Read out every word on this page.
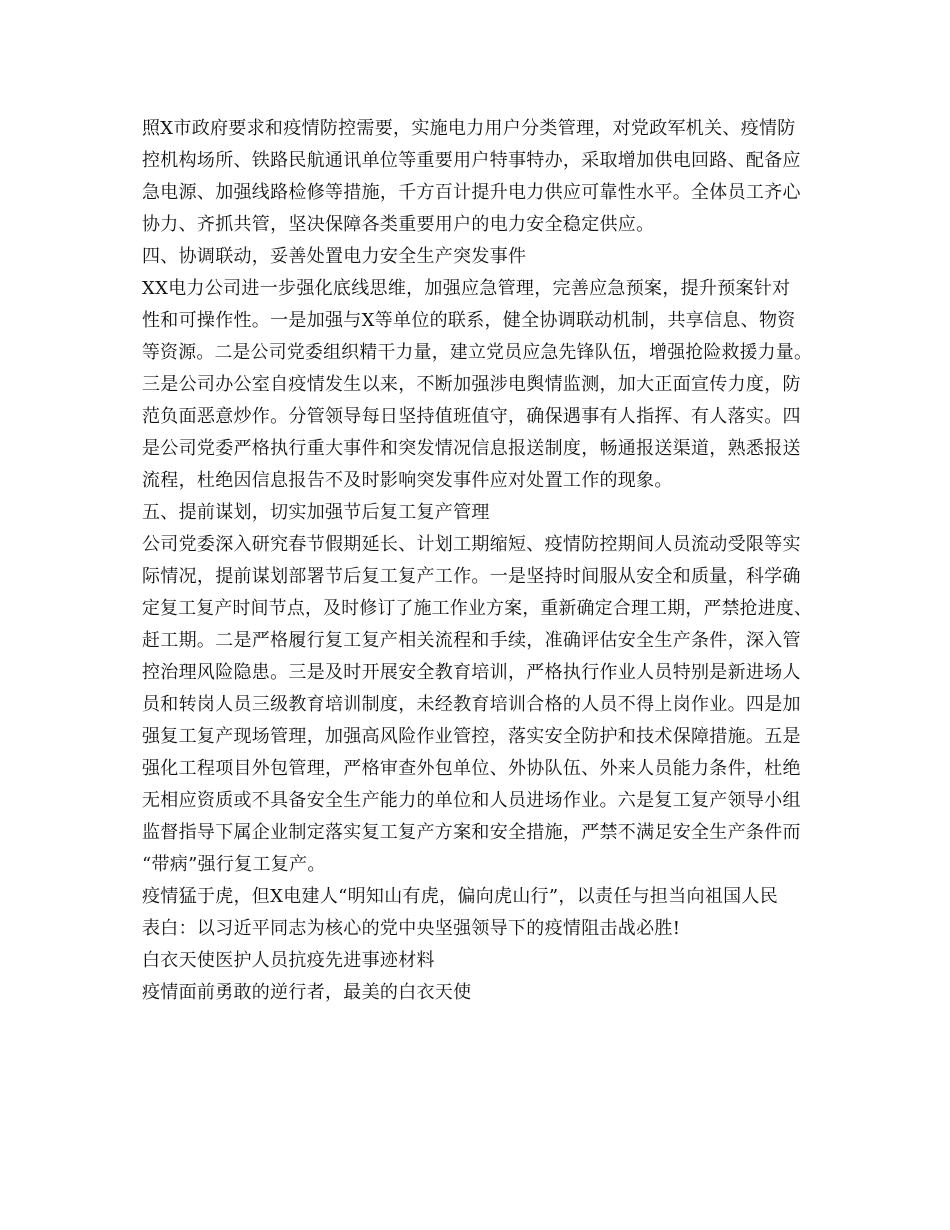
照X市政府要求和疫情防控需要，实施电力用户分类管理，对党政军机关、疫情防
控机构场所、铁路民航通讯单位等重要用户特事特办，采取增加供电回路、配备应
急电源、加强线路检修等措施，千方百计提升电力供应可靠性水平。全体员工齐心
协力、齐抓共管，坚决保障各类重要用户的电力安全稳定供应。
四、协调联动，妥善处置电力安全生产突发事件
XX电力公司进一步强化底线思维，加强应急管理，完善应急预案，提升预案针对
性和可操作性。一是加强与X等单位的联系，健全协调联动机制，共享信息、物资
等资源。二是公司党委组织精干力量，建立党员应急先锋队伍，增强抢险救援力量。
三是公司办公室自疫情发生以来，不断加强涉电舆情监测，加大正面宣传力度，防
范负面恶意炒作。分管领导每日坚持值班值守，确保遇事有人指挥、有人落实。四
是公司党委严格执行重大事件和突发情况信息报送制度，畅通报送渠道，熟悉报送
流程，杜绝因信息报告不及时影响突发事件应对处置工作的现象。
五、提前谋划，切实加强节后复工复产管理
公司党委深入研究春节假期延长、计划工期缩短、疫情防控期间人员流动受限等实
际情况，提前谋划部署节后复工复产工作。一是坚持时间服从安全和质量，科学确
定复工复产时间节点，及时修订了施工作业方案，重新确定合理工期，严禁抢进度、
赶工期。二是严格履行复工复产相关流程和手续，准确评估安全生产条件，深入管
控治理风险隐患。三是及时开展安全教育培训，严格执行作业人员特别是新进场人
员和转岗人员三级教育培训制度，未经教育培训合格的人员不得上岗作业。四是加
强复工复产现场管理，加强高风险作业管控，落实安全防护和技术保障措施。五是
强化工程项目外包管理，严格审查外包单位、外协队伍、外来人员能力条件，杜绝
无相应资质或不具备安全生产能力的单位和人员进场作业。六是复工复产领导小组
监督指导下属企业制定落实复工复产方案和安全措施，严禁不满足安全生产条件而
“带病”强行复工复产。
疫情猛于虎，但X电建人“明知山有虎，偏向虎山行”，以责任与担当向祖国人民
表白：以习近平同志为核心的党中央坚强领导下的疫情阻击战必胜!
白衣天使医护人员抗疫先进事迹材料
疫情面前勇敢的逆行者，最美的白衣天使
